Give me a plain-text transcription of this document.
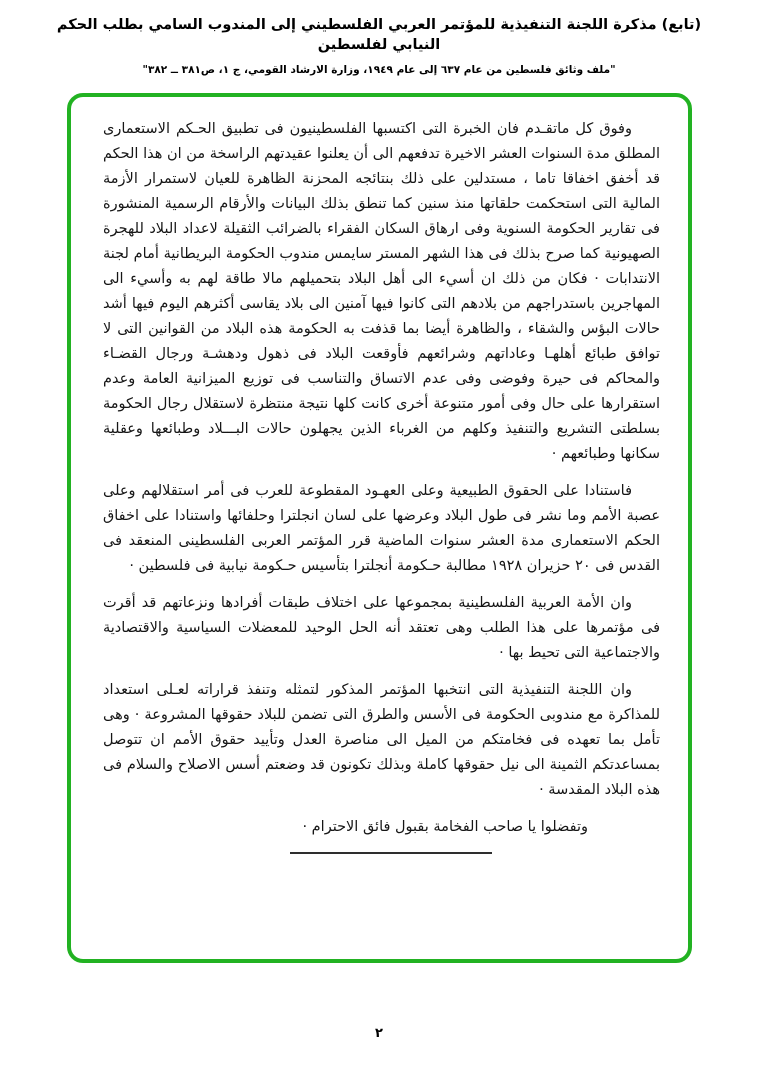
(تابع) مذكرة اللجنة التنفيذية للمؤتمر العربي الفلسطيني إلى المندوب السامي بطلب الحكم النيابي لفلسطين
"ملف وثائق فلسطين من عام ٦٣٧ إلى عام ١٩٤٩، وزارة الارشاد القومي، ج ١، ص٣٨١ ــ ٣٨٢"

وفوق كل ماتقـدم فان الخبرة التى اكتسبها الفلسطينيون فى تطبيق الحـكم الاستعمارى المطلق مدة السنوات العشر الاخيرة تدفعهم الى أن يعلنوا عقيدتهم الراسخة من ان هذا الحكم قد أخفق اخفاقا تاما ، مستدلين على ذلك بنتائجه المحزنة الظاهرة للعيان لاستمرار الأزمة المالية التى استحكمت حلقاتها منذ سنين كما تنطق بذلك البيانات والأرقام الرسمية المنشورة فى تقارير الحكومة السنوية وفى ارهاق السكان الفقراء بالضرائب الثقيلة لاعداد البلاد للهجرة الصهيونية كما صرح بذلك فى هذا الشهر المستر سايمس مندوب الحكومة البريطانية أمام لجنة الانتدابات · فكان من ذلك ان أسيء الى أهل البلاد بتحميلهم مالا طاقة لهم به وأسيء الى المهاجرين باستدراجهم من بلادهم التى كانوا فيها آمنين الى بلاد يقاسى أكثرهم اليوم فيها أشد حالات البؤس والشقاء ، والظاهرة أيضا بما قذفت به الحكومة هذه البلاد من القوانين التى لا توافق طبائع أهلهـا وعاداتهم وشرائعهم فأوقعت البلاد فى ذهول ودهشـة ورجال القضـاء والمحاكم فى حيرة وفوضى وفى عدم الاتساق والتناسب فى توزيع الميزانية العامة وعدم استقرارها على حال وفى أمور متنوعة أخرى كانت كلها نتيجة منتظرة لاستقلال رجال الحكومة بسلطتى التشريع والتنفيذ وكلهم من الغرباء الذين يجهلون حالات البـــلاد وطبائعها وعقلية سكانها وطبائعهم ·

فاستنادا على الحقوق الطبيعية وعلى العهـود المقطوعة للعرب فى أمر استقلالهم وعلى عصبة الأمم وما نشر فى طول البلاد وعرضها على لسان انجلترا وحلفائها واستنادا على اخفاق الحكم الاستعمارى مدة العشر سنوات الماضية قرر المؤتمر العربى الفلسطينى المنعقد فى القدس فى ٢٠ حزيران ١٩٢٨ مطالبة حـكومة أنجلترا بتأسيس حـكومة نيابية فى فلسطين ·

وان الأمة العربية الفلسطينية بمجموعها على اختلاف طبقات أفرادها ونزعاتهم قد أقرت فى مؤتمرها على هذا الطلب وهى تعتقد أنه الحل الوحيد للمعضلات السياسية والاقتصادية والاجتماعية التى تحيط بها ·

وان اللجنة التنفيذية التى انتخبها المؤتمر المذكور لتمثله وتنفذ قراراته لعـلى استعداد للمذاكرة مع مندوبى الحكومة فى الأسس والطرق التى تضمن للبلاد حقوقها المشروعة · وهى تأمل بما تعهده فى فخامتكم من الميل الى مناصرة العدل وتأييد حقوق الأمم ان تتوصل بمساعدتكم الثمينة الى نيل حقوقها كاملة وبذلك تكونون قد وضعتم أسس الاصلاح والسلام فى هذه البلاد المقدسة ·

وتفضلوا يا صاحب الفخامة بقبول فائق الاحترام ·
٢
